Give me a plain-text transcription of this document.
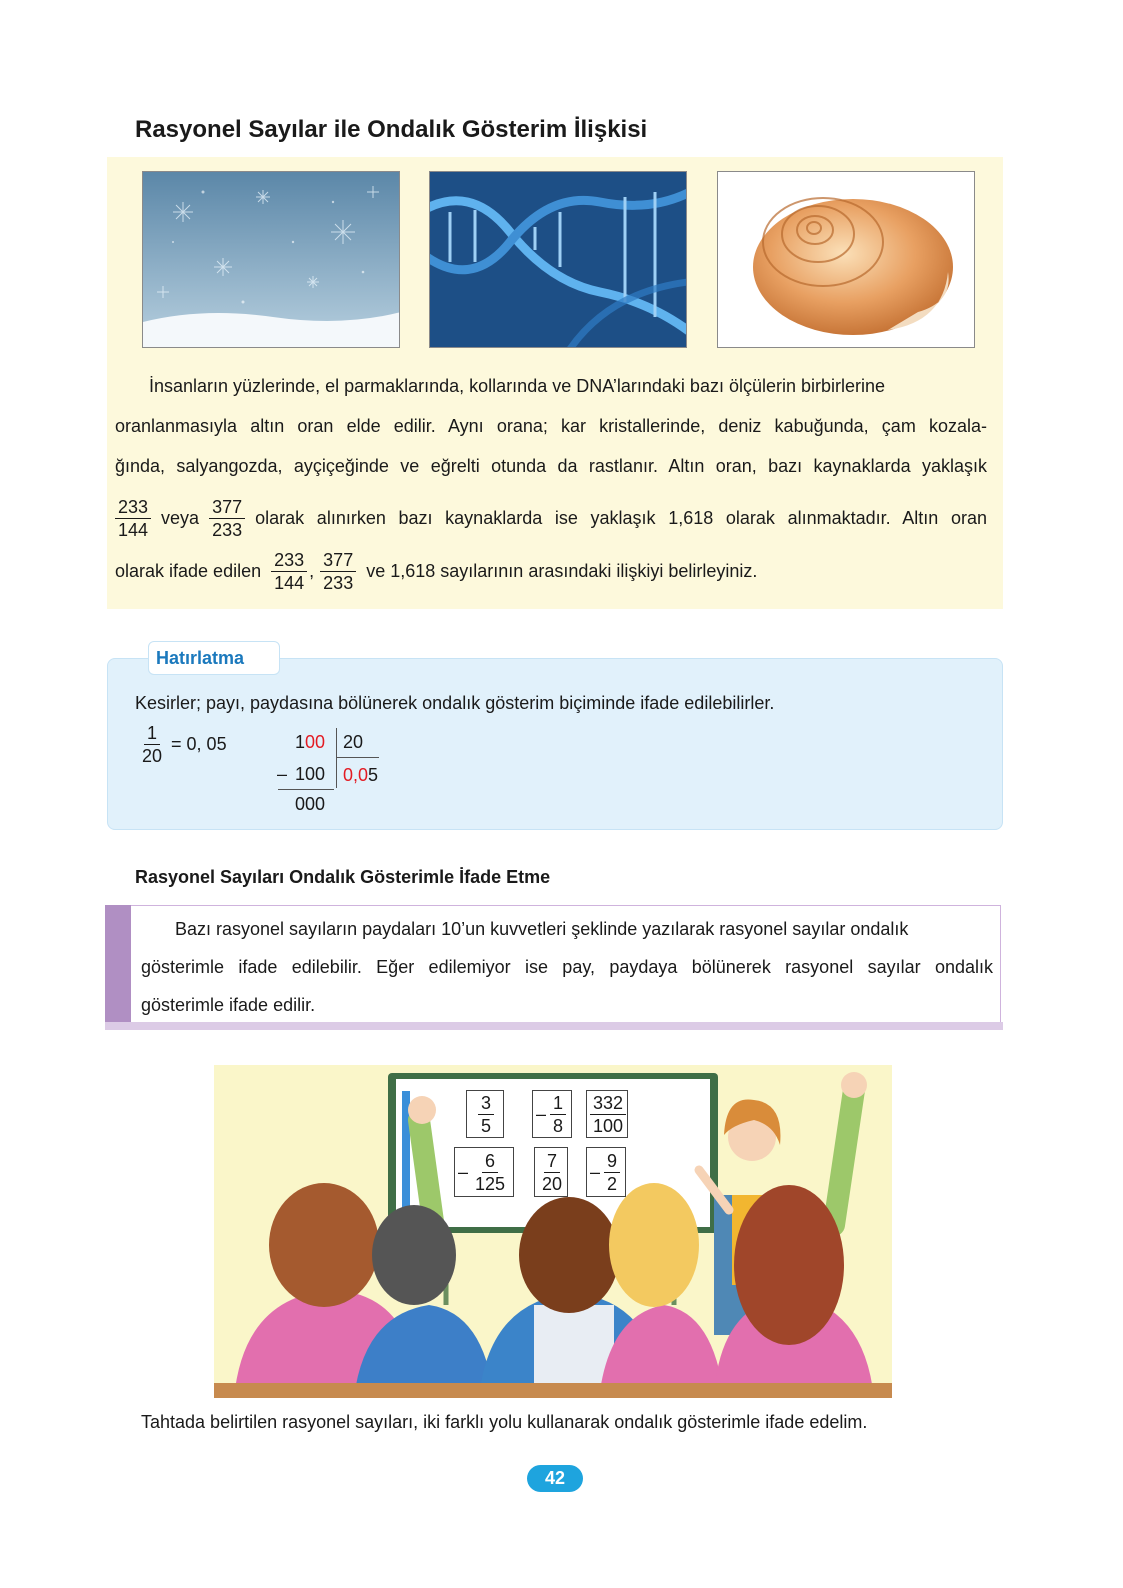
Rasyonel Sayılar ile Ondalık Gösterim İlişkisi
İnsanların yüzlerinde, el parmaklarında, kollarında ve DNA’larındaki bazı ölçülerin birbirlerine
oranlanmasıyla altın oran elde edilir. Aynı orana; kar kristallerinde, deniz kabuğunda, çam kozala-
ğında, salyangozda, ayçiçeğinde ve eğrelti otunda da rastlanır. Altın oran, bazı kaynaklarda yaklaşık
$\frac{233}{144}$ veya $\frac{377}{233}$ olarak alınırken bazı kaynaklarda ise yaklaşık 1,618 olarak alınmaktadır. Altın oran
olarak ifade edilen $\frac{233}{144}$ , $\frac{377}{233}$ ve 1,618 sayılarının arasındaki ilişkiyi belirleyiniz.
Hatırlatma
Kesirler; payı, paydasına bölünerek ondalık gösterim biçiminde ifade edilebilirler.
$\frac{1}{20} = 0$, 05	100 20
– 100 0,05
000
Rasyonel Sayıları Ondalık Gösterimle İfade Etme
Bazı rasyonel sayıların paydaları 10’un kuvvetleri şeklinde yazılarak rasyonel sayılar ondalık
gösterimle ifade edilebilir. Eğer edilemiyor ise pay, paydaya bölünerek rasyonel sayılar ondalık
gösterimle ifade edilir.
$\frac{3}{5} - \frac{1}{8} \frac{332}{100}$
– $\frac{6}{125} \frac{7}{20} - \frac{9}{2}$
Tahtada belirtilen rasyonel sayıları, iki farklı yolu kullanarak ondalık gösterimle ifade edelim.
42
